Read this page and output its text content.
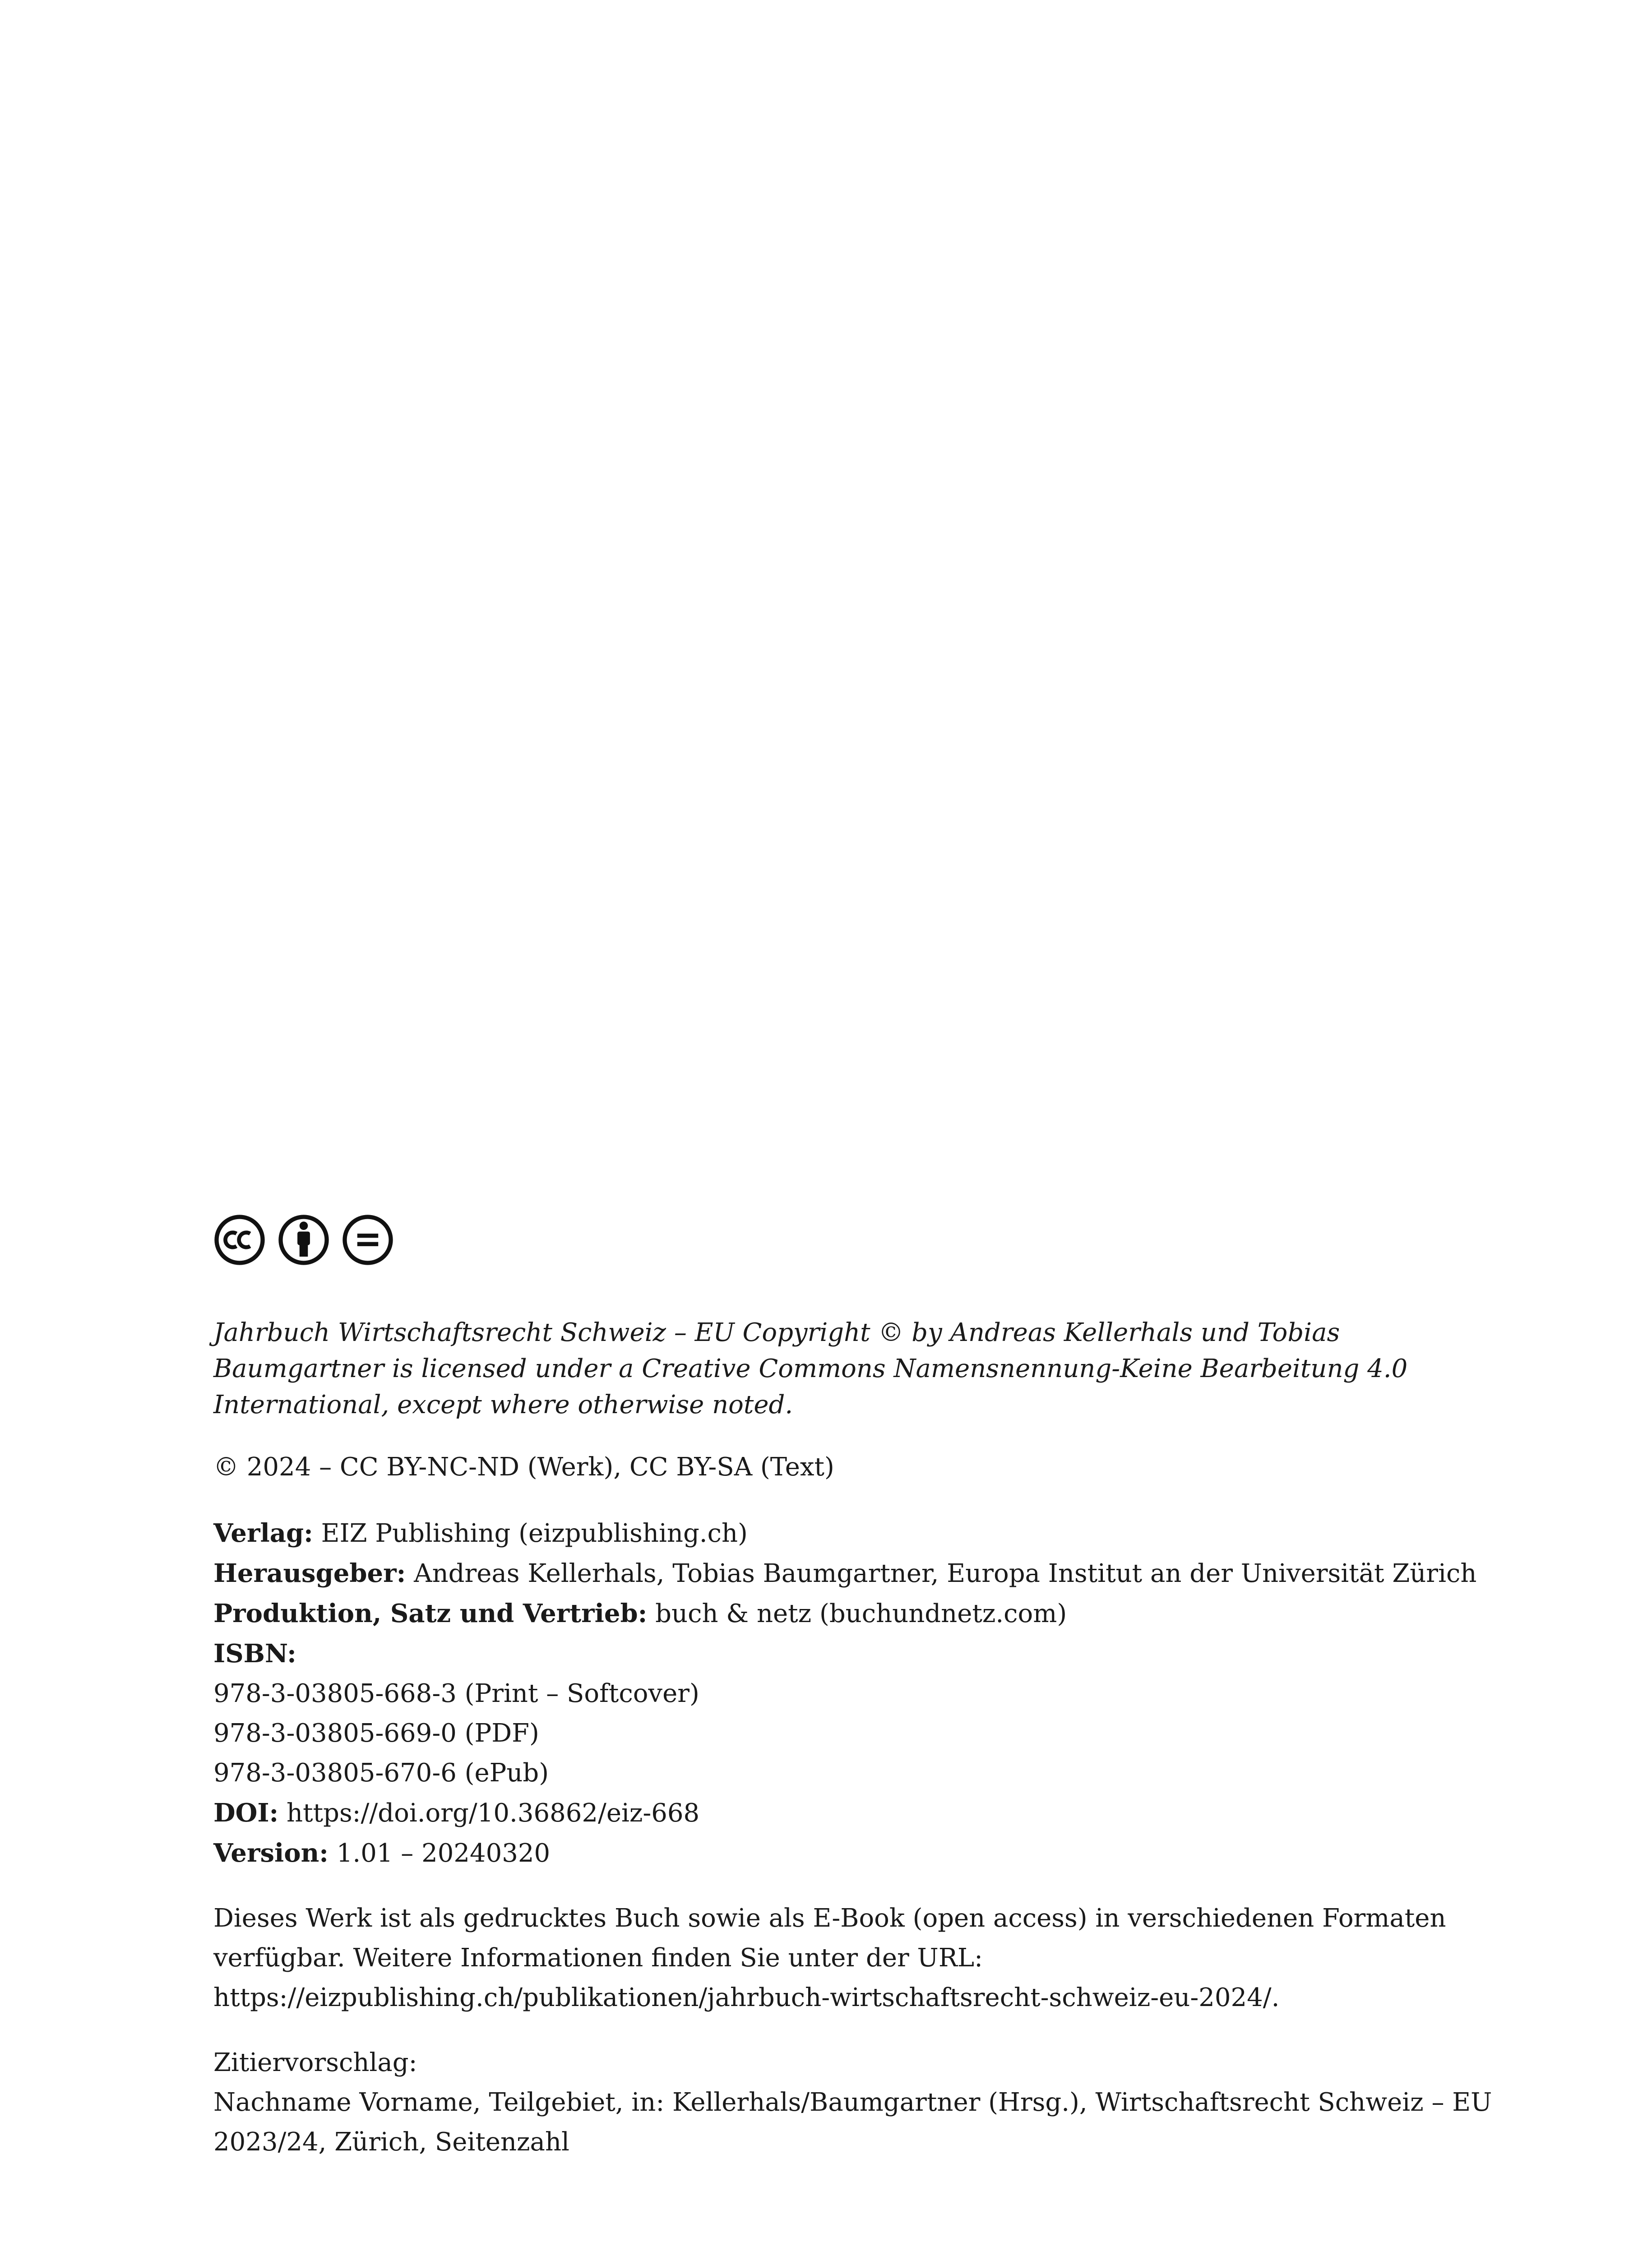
Jahrbuch Wirtschaftsrecht Schweiz – EU Copyright © by Andreas Kellerhals und Tobias Baumgartner is licensed under a Creative Commons Namensnennung-Keine Bearbeitung 4.0 International, except where otherwise noted.

© 2024 – CC BY-NC-ND (Werk), CC BY-SA (Text)

Verlag: EIZ Publishing (eizpublishing.ch)
Herausgeber: Andreas Kellerhals, Tobias Baumgartner, Europa Institut an der Universität Zürich
Produktion, Satz und Vertrieb: buch & netz (buchundnetz.com)
ISBN:
978-3-03805-668-3 (Print – Softcover)
978-3-03805-669-0 (PDF)
978-3-03805-670-6 (ePub)
DOI: https://doi.org/10.36862/eiz-668
Version: 1.01 – 20240320
Dieses Werk ist als gedrucktes Buch sowie als E-Book (open access) in verschiedenen Formaten
verfügbar. Weitere Informationen finden Sie unter der URL:
https://eizpublishing.ch/publikationen/jahrbuch-wirtschaftsrecht-schweiz-eu-2024/.
Zitiervorschlag:
Nachname Vorname, Teilgebiet, in: Kellerhals/Baumgartner (Hrsg.), Wirtschaftsrecht Schweiz – EU
2023/24, Zürich, Seitenzahl
